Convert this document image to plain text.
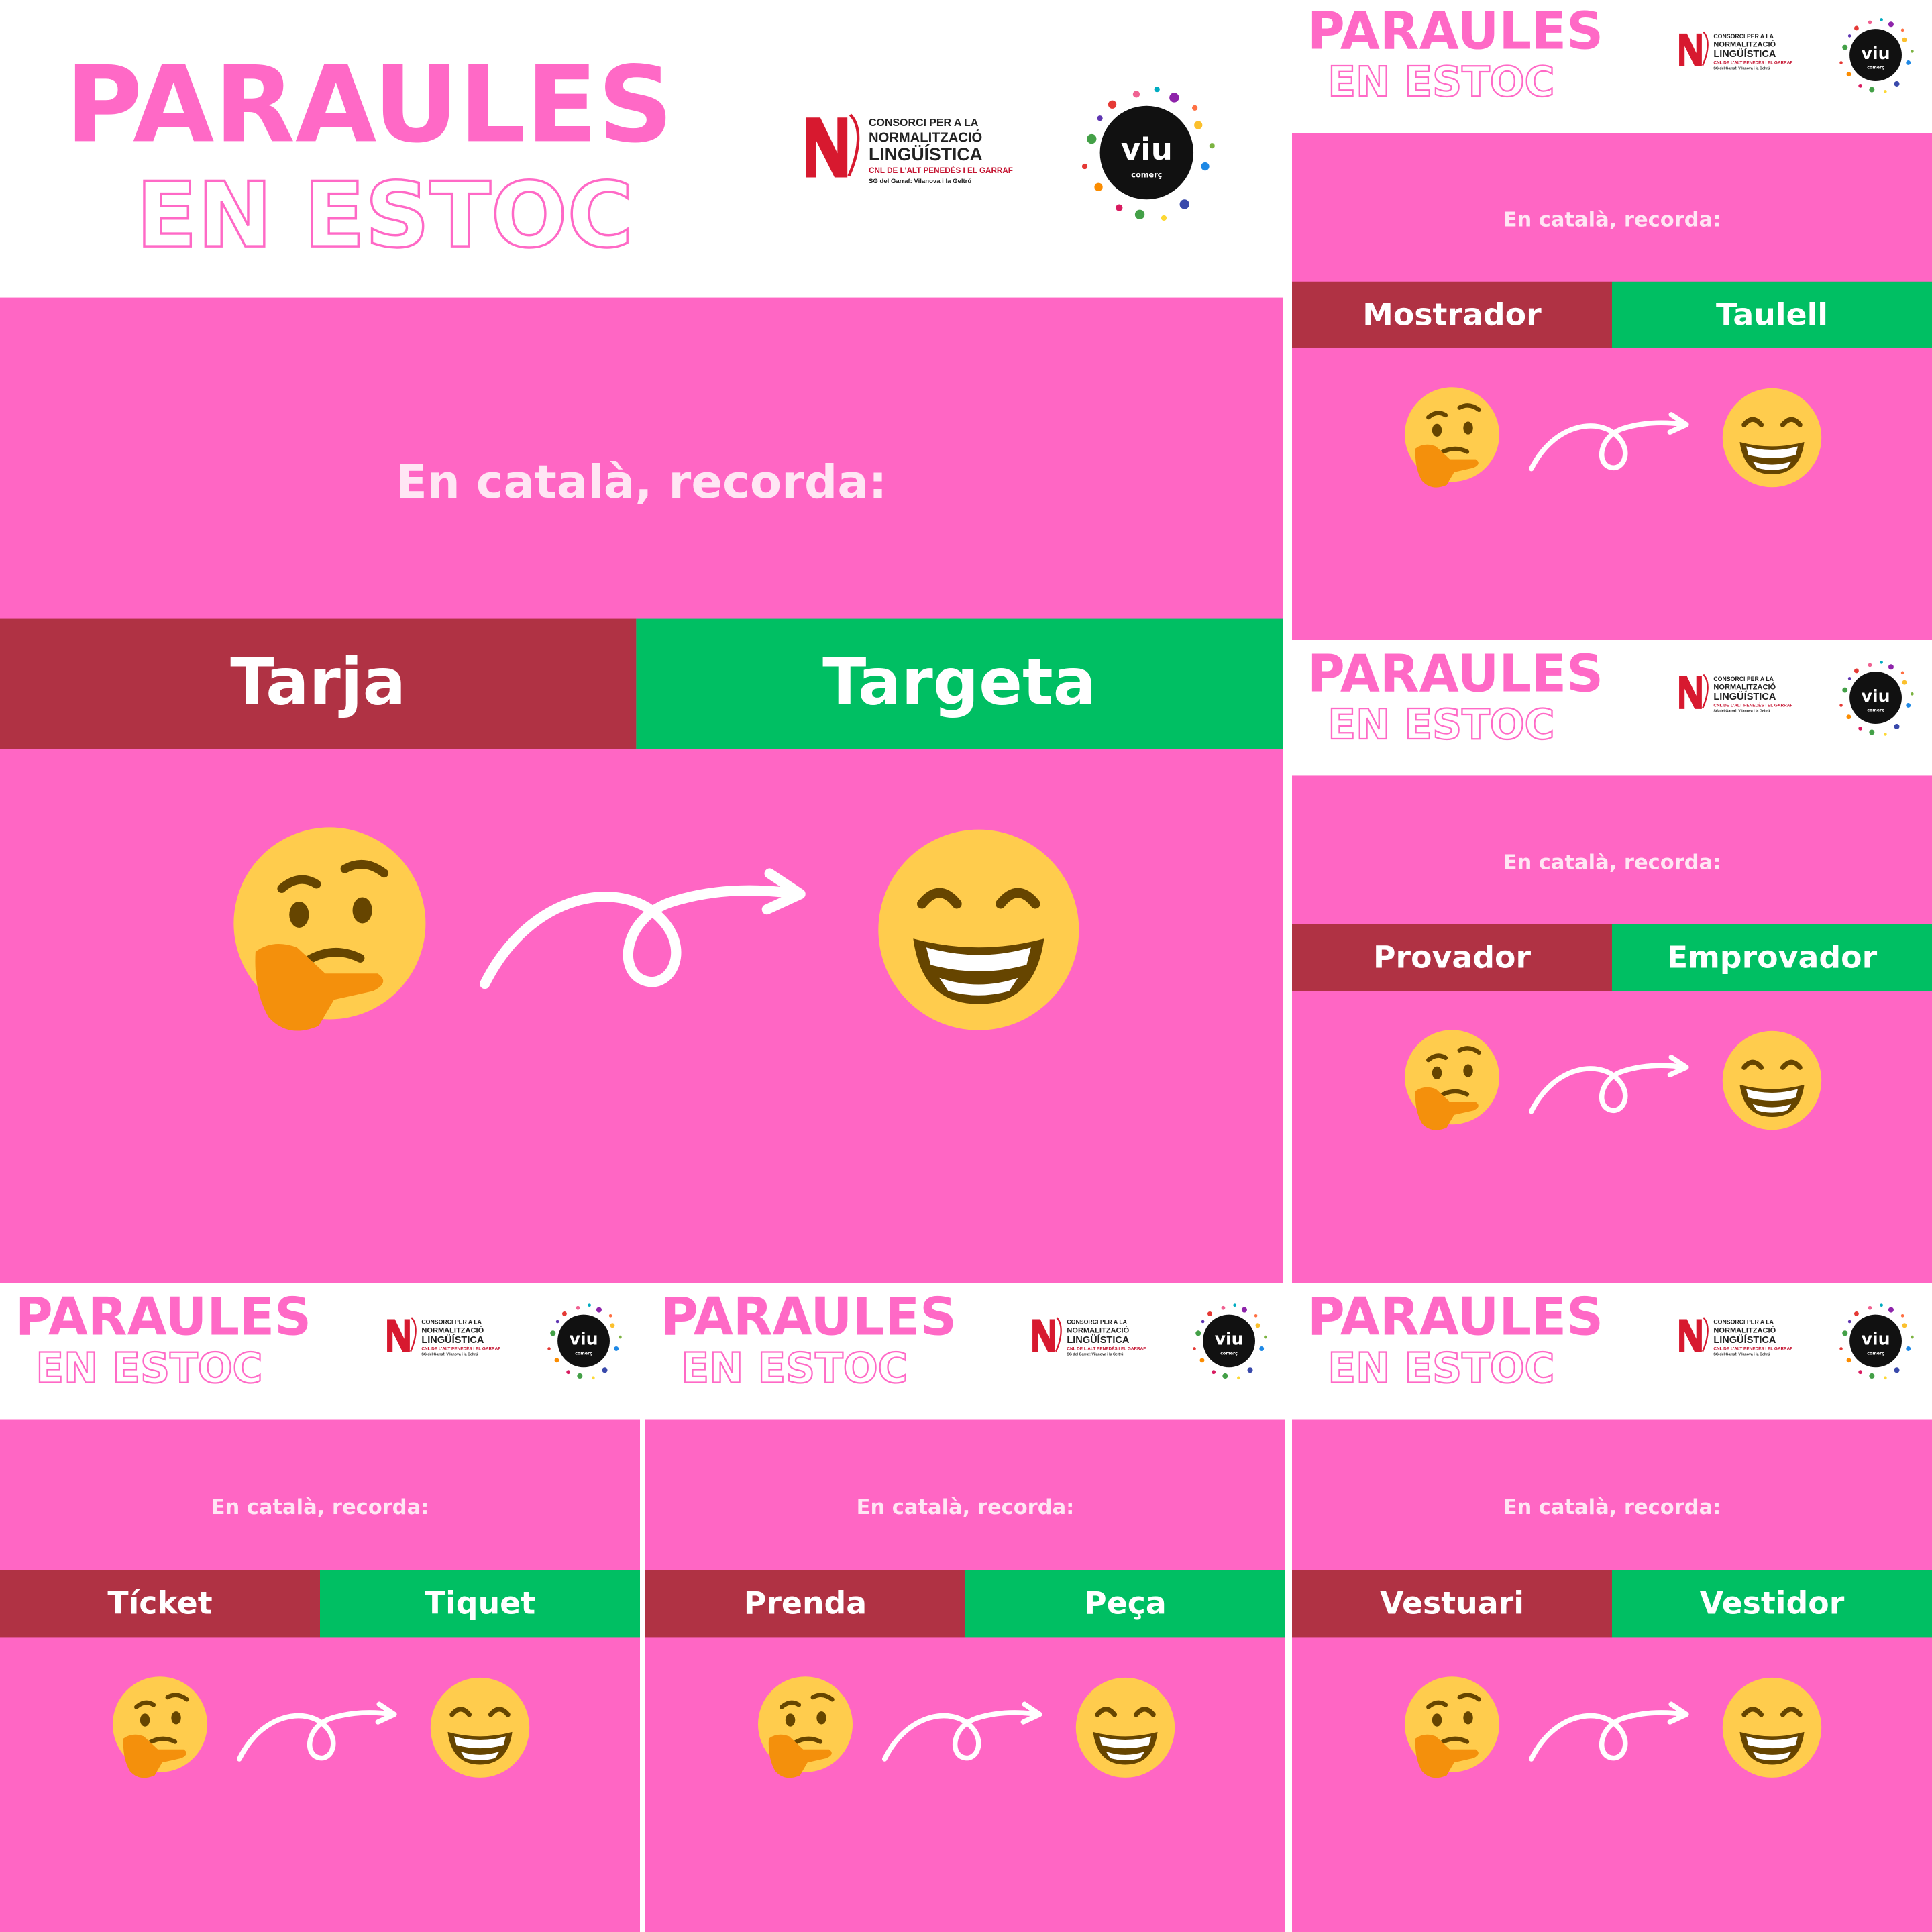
PARAULES
EN ESTOC
En català, recorda:
Tarja	Targeta
PARAULES
EN ESTOC
En català, recorda:
Mostrador	Taulell
PARAULES
EN ESTOC
En català, recorda:
Provador	Emprovador
PARAULES
EN ESTOC
En català, recorda:
Tícket	Tiquet
PARAULES
EN ESTOC
En català, recorda:
Prenda	Peça
PARAULES
EN ESTOC
En català, recorda:
Vestuari	Vestidor
